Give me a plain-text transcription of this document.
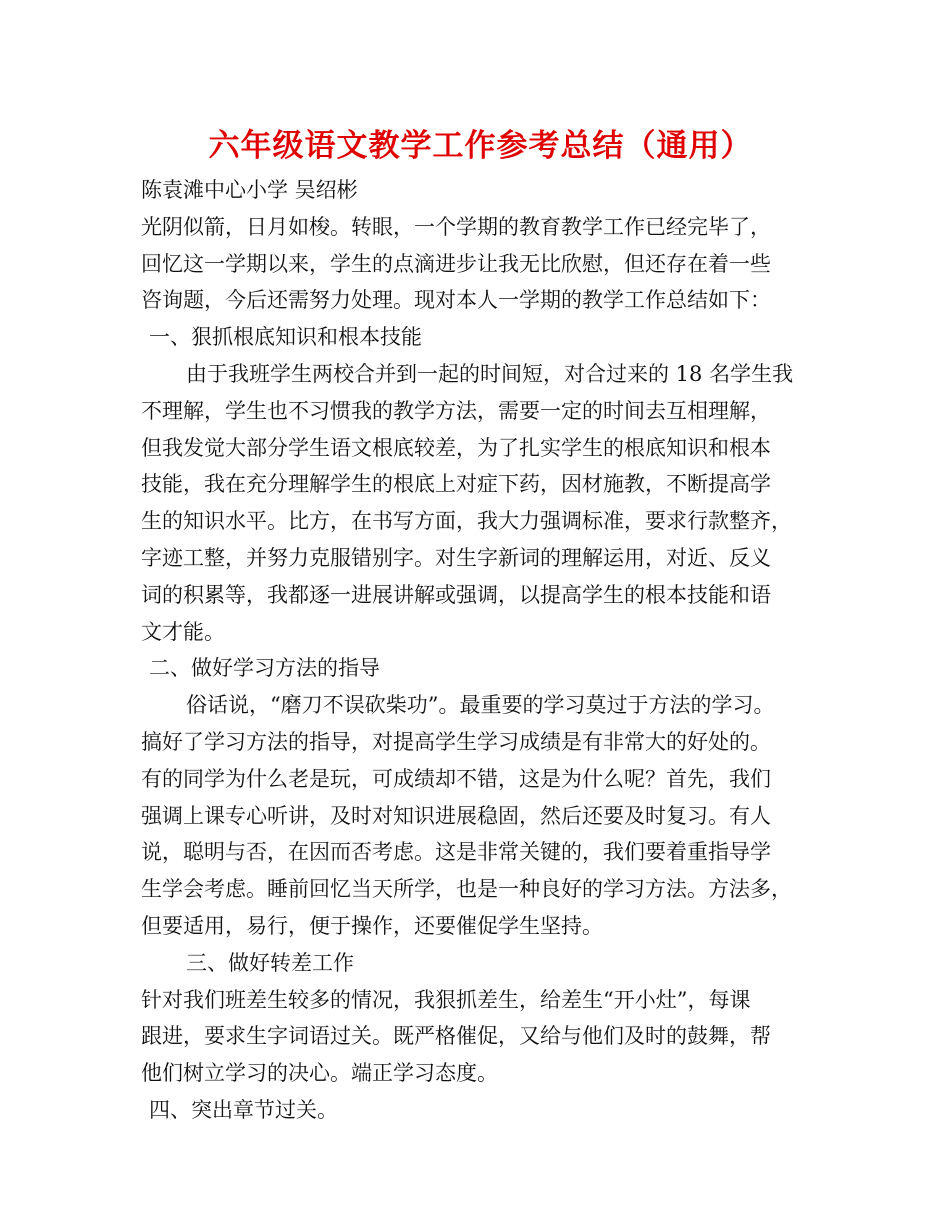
六年级语文教学工作参考总结（通用）

陈袁滩中心小学 吴绍彬

光阴似箭，日月如梭。转眼，一个学期的教育教学工作已经完毕了，

回忆这一学期以来，学生的点滴进步让我无比欣慰，但还存在着一些

咨询题，今后还需努力处理。现对本人一学期的教学工作总结如下：

一、狠抓根底知识和根本技能

由于我班学生两校合并到一起的时间短，对合过来的 18 名学生我

不理解，学生也不习惯我的教学方法，需要一定的时间去互相理解，

但我发觉大部分学生语文根底较差，为了扎实学生的根底知识和根本

技能，我在充分理解学生的根底上对症下药，因材施教，不断提高学

生的知识水平。比方，在书写方面，我大力强调标准，要求行款整齐，

字迹工整，并努力克服错别字。对生字新词的理解运用，对近、反义

词的积累等，我都逐一进展讲解或强调，以提高学生的根本技能和语

文才能。

二、做好学习方法的指导

俗话说，“磨刀不误砍柴功”。最重要的学习莫过于方法的学习。

搞好了学习方法的指导，对提高学生学习成绩是有非常大的好处的。

有的同学为什么老是玩，可成绩却不错，这是为什么呢？首先，我们

强调上课专心听讲，及时对知识进展稳固，然后还要及时复习。有人

说，聪明与否，在因而否考虑。这是非常关键的，我们要着重指导学

生学会考虑。睡前回忆当天所学，也是一种良好的学习方法。方法多，

但要适用，易行，便于操作，还要催促学生坚持。

三、做好转差工作

针对我们班差生较多的情况，我狠抓差生，给差生“开小灶”，每课

跟进，要求生字词语过关。既严格催促，又给与他们及时的鼓舞，帮

他们树立学习的决心。端正学习态度。

四、突出章节过关。
